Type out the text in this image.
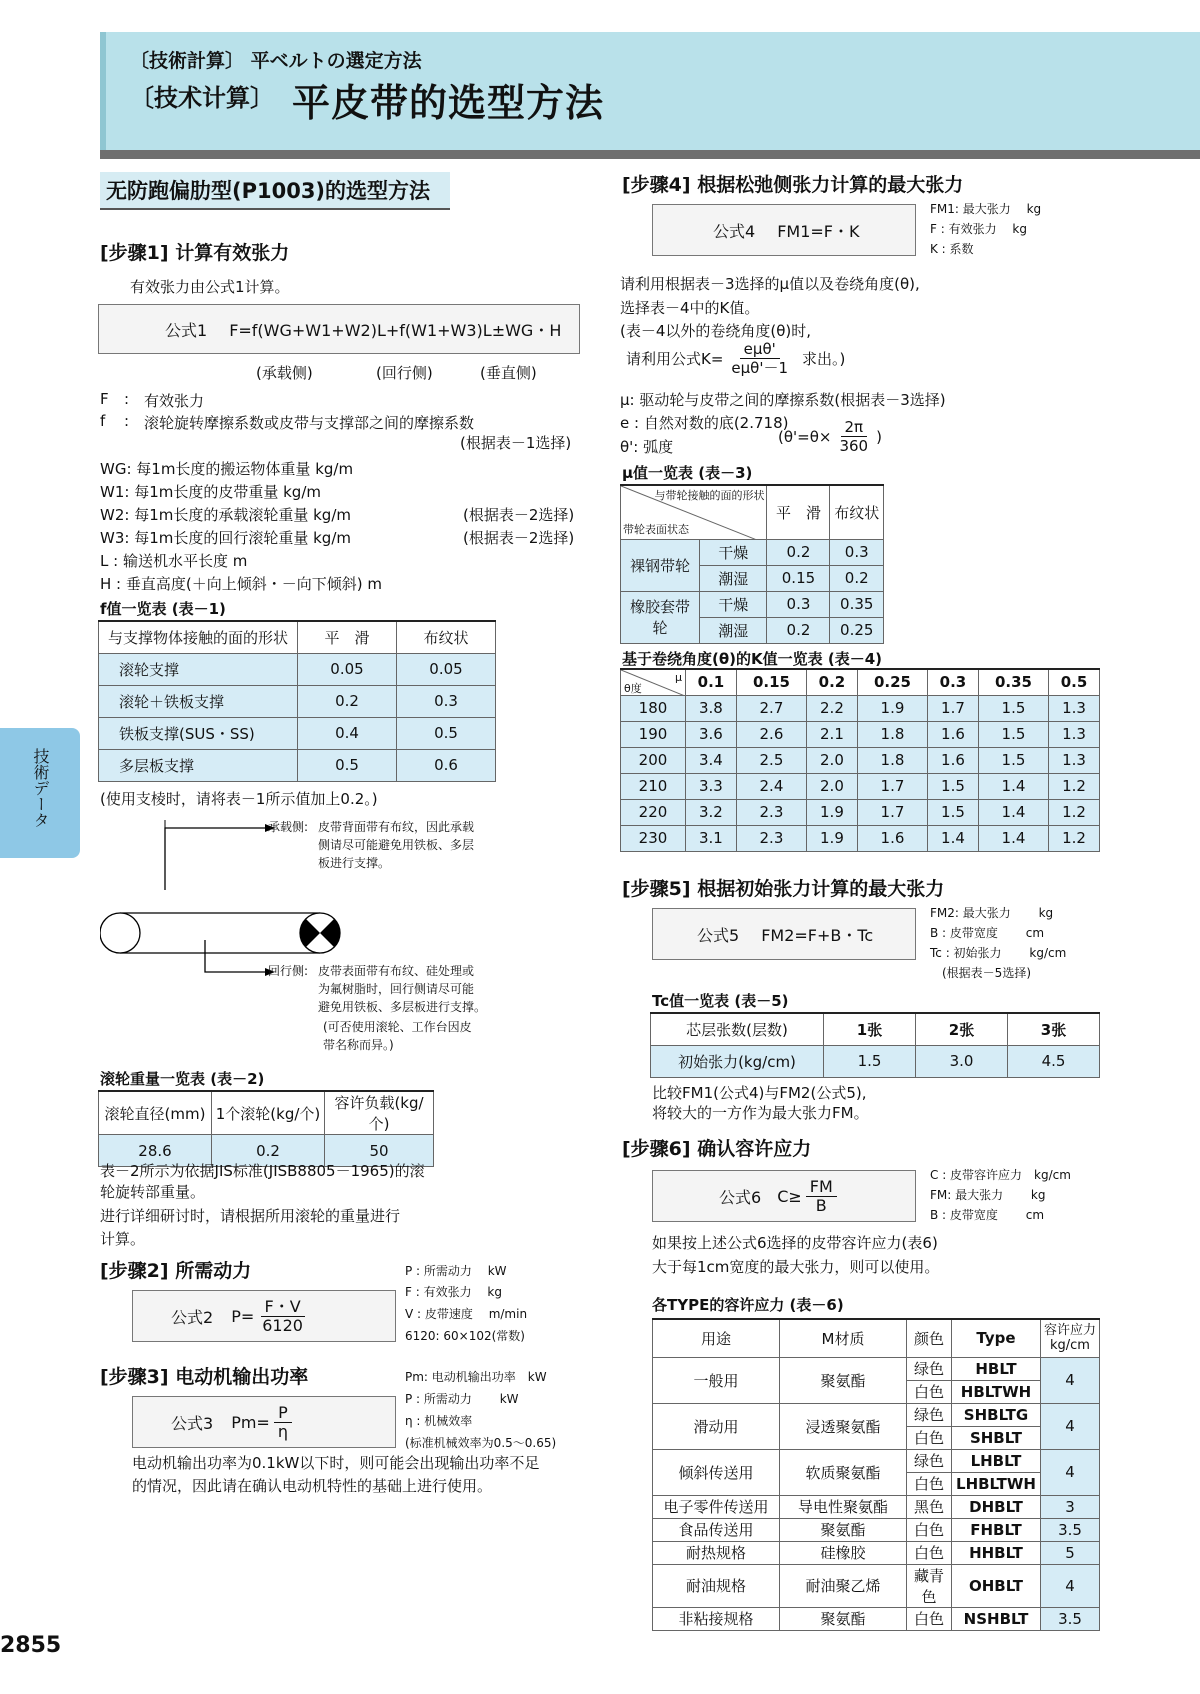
〔技術計算〕 平ベルトの選定方法
〔技术计算〕 平皮带的选型方法
无防跑偏肋型(P1003)的选型方法
技術データ
2855
[步骤1] 计算有效张力
有效张力由公式1计算。
公式1 F=f(WG+W1+W2)L+f(W1+W3)L±WG・H
(承载侧)	(回行侧)	(垂直侧)
F : 有效张力
f : 滚轮旋转摩擦系数或皮带与支撑部之间的摩擦系数
(根据表－1选择)
WG: 每1m长度的搬运物体重量 kg/m
W1: 每1m长度的皮带重量 kg/m
W2: 每1m长度的承载滚轮重量 kg/m	(根据表－2选择)
W3: 每1m长度的回行滚轮重量 kg/m	(根据表－2选择)
L : 输送机水平长度 m
H : 垂直高度(＋向上倾斜・－向下倾斜) m
f值一览表 (表－1)
与支撑物体接触的面的形状	平　滑	布纹状
滚轮支撑	0.05	0.05
滚轮＋铁板支撑	0.2	0.3
铁板支撑(SUS・SS)	0.4	0.5
多层板支撑	0.5	0.6
(使用支棱时，请将表－1所示值加上0.2。)
承载侧: 皮带背面带有布纹，因此承载
侧请尽可能避免用铁板、多层
板进行支撑。
回行侧: 皮带表面带有布纹、硅处理或
为氟树脂时，回行侧请尽可能
避免用铁板、多层板进行支撑。
(可否使用滚轮、工作台因皮
带名称而异。)
滚轮重量一览表 (表－2)
滚轮直径(mm)	1个滚轮(kg/个)	容许负载(kg/个)
28.6	0.2	50
表－2所示为依据JIS标准(JISB8805－1965)的滚
轮旋转部重量。
进行详细研讨时，请根据所用滚轮的重量进行
计算。
[步骤2] 所需动力
公式2 $P= \frac{F・V}{6120}$
P : 所需动力　 kW
F : 有效张力　 kg
V : 皮带速度　 m/min
6120: 60×102(常数)
[步骤3] 电动机输出功率
公式3 $Pm= \frac{P}{\eta}$
Pm: 电动机输出功率　kW
P : 所需动力　　 kW
η : 机械效率
(标准机械效率为0.5～0.65)
电动机输出功率为0.1kW以下时，则可能会出现输出功率不足
的情况，因此请在确认电动机特性的基础上进行使用。
[步骤4] 根据松弛侧张力计算的最大张力
公式4 FM1=F・K
FM1: 最大张力　 kg
F : 有效张力　 kg
K : 系数
请利用根据表－3选择的μ值以及卷绕角度(θ),
选择表－4中的K值。
(表－4以外的卷绕角度(θ)时,
请利用公式$K= \frac{\text{eμθ'}}{\text{eμθ'－1}}$ 求出。)
μ: 驱动轮与皮带之间的摩擦系数(根据表－3选择)
e : 自然对数的底(2.718)
θ': 弧度
($\theta'=\theta\times \frac{2\pi}{360}$ )
μ值一览表 (表－3)
与带轮接触的面的形状
带轮表面状态		平　滑	布纹状
裸钢带轮	干燥	0.2	0.3
	潮湿	0.15	0.2
橡胶套带轮	干燥	0.3	0.35
	潮湿	0.2	0.25
基于卷绕角度(θ)的K值一览表 (表－4)
μ
θ度	0.1	0.15	0.2	0.25	0.3	0.35	0.5
180	3.8	2.7	2.2	1.9	1.7	1.5	1.3
190	3.6	2.6	2.1	1.8	1.6	1.5	1.3
200	3.4	2.5	2.0	1.8	1.6	1.5	1.3
210	3.3	2.4	2.0	1.7	1.5	1.4	1.2
220	3.2	2.3	1.9	1.7	1.5	1.4	1.2
230	3.1	2.3	1.9	1.6	1.4	1.4	1.2
[步骤5] 根据初始张力计算的最大张力
公式5 FM2=F+B・Tc
FM2: 最大张力　　 kg
B : 皮带宽度　　 cm
Tc : 初始张力　　 kg/cm
　(根据表－5选择)
Tc值一览表 (表－5)
芯层张数(层数)	1张	2张	3张
初始张力(kg/cm)	1.5	3.0	4.5
比较FM1(公式4)与FM2(公式5),
将较大的一方作为最大张力FM。
[步骤6] 确认容许应力
公式6 $C\ge \frac{FM}{B}$
C : 皮带容许应力　kg/cm
FM: 最大张力　　 kg
B : 皮带宽度　　 cm
如果按上述公式6选择的皮带容许应力(表6)
大于每1cm宽度的最大张力，则可以使用。
各TYPE的容许应力 (表－6)
用途	M材质	颜色	Type	容许应力 kg/cm
一般用	聚氨酯	绿色	HBLT	4
		白色	HBLTWH	
滑动用	浸透聚氨酯	绿色	SHBLTG	4
		白色	SHBLT	
倾斜传送用	软质聚氨酯	绿色	LHBLT	4
		白色	LHBLTWH	
电子零件传送用	导电性聚氨酯	黑色	DHBLT	3
食品传送用	聚氨酯	白色	FHBLT	3.5
耐热规格	硅橡胶	白色	HHBLT	5
耐油规格	耐油聚乙烯	藏青色	OHBLT	4
非粘接规格	聚氨酯	白色	NSHBLT	3.5
